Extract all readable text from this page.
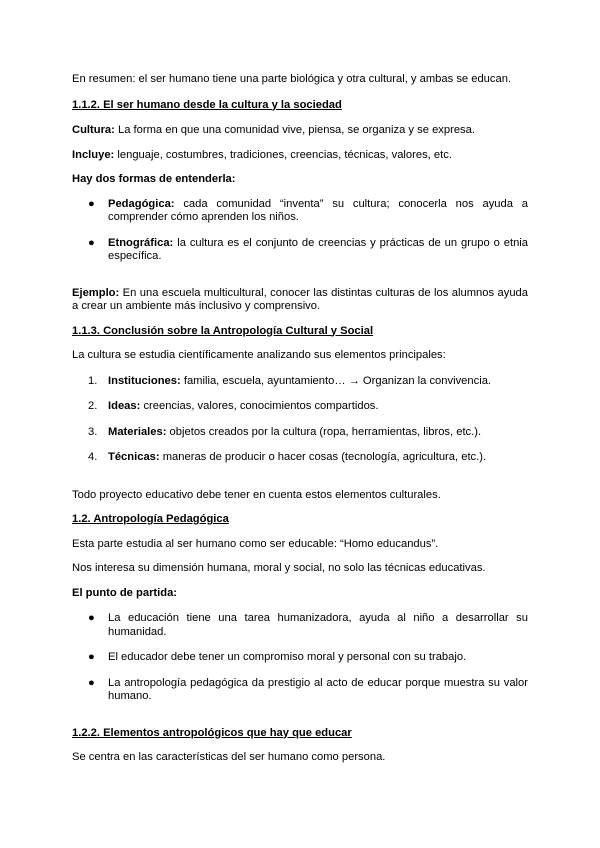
En resumen: el ser humano tiene una parte biológica y otra cultural, y ambas se educan.

1.1.2. El ser humano desde la cultura y la sociedad

Cultura: La forma en que una comunidad vive, piensa, se organiza y se expresa.

Incluye: lenguaje, costumbres, tradiciones, creencias, técnicas, valores, etc.

Hay dos formas de entenderla:

● Pedagógica: cada comunidad “inventa” su cultura; conocerla nos ayuda a comprender cómo aprenden los niños.
● Etnográfica: la cultura es el conjunto de creencias y prácticas de un grupo o etnia específica.

Ejemplo: En una escuela multicultural, conocer las distintas culturas de los alumnos ayuda a crear un ambiente más inclusivo y comprensivo.

1.1.3. Conclusión sobre la Antropología Cultural y Social

La cultura se estudia científicamente analizando sus elementos principales:

1. Instituciones: familia, escuela, ayuntamiento… → Organizan la convivencia.
2. Ideas: creencias, valores, conocimientos compartidos.
3. Materiales: objetos creados por la cultura (ropa, herramientas, libros, etc.).
4. Técnicas: maneras de producir o hacer cosas (tecnología, agricultura, etc.).

Todo proyecto educativo debe tener en cuenta estos elementos culturales.

1.2. Antropología Pedagógica

Esta parte estudia al ser humano como ser educable: “Homo educandus”.

Nos interesa su dimensión humana, moral y social, no solo las técnicas educativas.

El punto de partida:

● La educación tiene una tarea humanizadora, ayuda al niño a desarrollar su humanidad.
● El educador debe tener un compromiso moral y personal con su trabajo.
● La antropología pedagógica da prestigio al acto de educar porque muestra su valor humano.

1.2.2. Elementos antropológicos que hay que educar

Se centra en las características del ser humano como persona.
